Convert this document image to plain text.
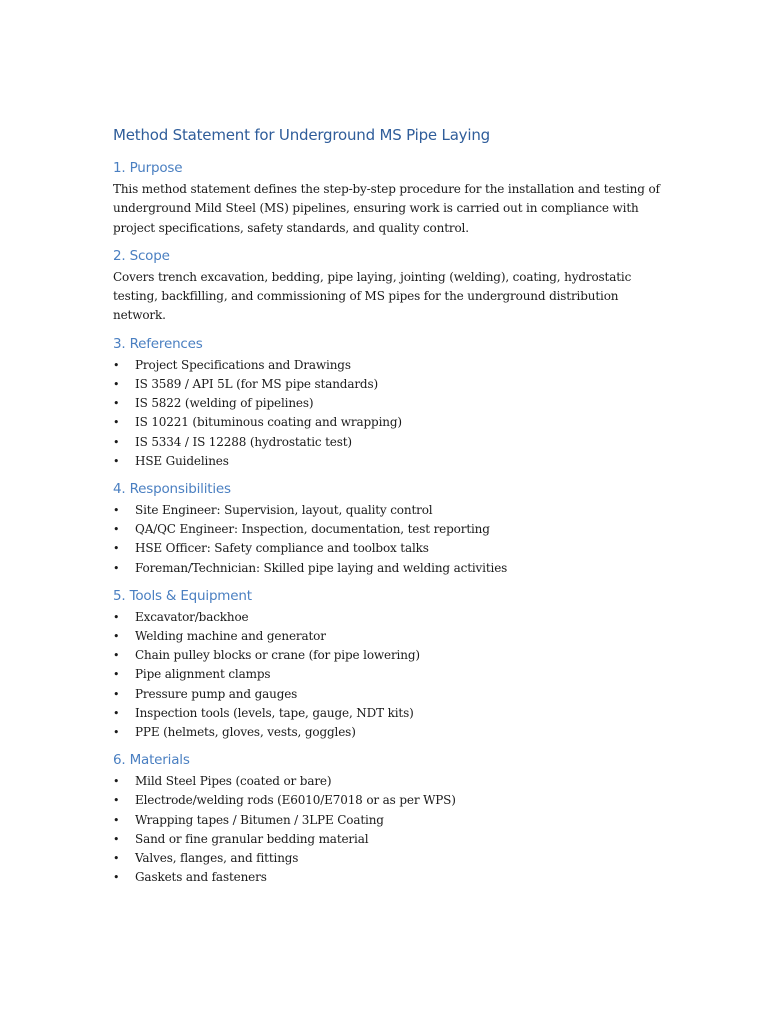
Method Statement for Underground MS Pipe Laying
1. Purpose

This method statement defines the step-by-step procedure for the installation and testing of underground Mild Steel (MS) pipelines, ensuring work is carried out in compliance with project specifications, safety standards, and quality control.

2. Scope

Covers trench excavation, bedding, pipe laying, jointing (welding), coating, hydrostatic testing, backfilling, and commissioning of MS pipes for the underground distribution network.

3. References
• Project Specifications and Drawings
• IS 3589 / API 5L (for MS pipe standards)
• IS 5822 (welding of pipelines)
• IS 10221 (bituminous coating and wrapping)
• IS 5334 / IS 12288 (hydrostatic test)
• HSE Guidelines
4. Responsibilities
• Site Engineer: Supervision, layout, quality control
• QA/QC Engineer: Inspection, documentation, test reporting
• HSE Officer: Safety compliance and toolbox talks
• Foreman/Technician: Skilled pipe laying and welding activities
5. Tools & Equipment
• Excavator/backhoe
• Welding machine and generator
• Chain pulley blocks or crane (for pipe lowering)
• Pipe alignment clamps
• Pressure pump and gauges
• Inspection tools (levels, tape, gauge, NDT kits)
• PPE (helmets, gloves, vests, goggles)
6. Materials
• Mild Steel Pipes (coated or bare)
• Electrode/welding rods (E6010/E7018 or as per WPS)
• Wrapping tapes / Bitumen / 3LPE Coating
• Sand or fine granular bedding material
• Valves, flanges, and fittings
• Gaskets and fasteners
